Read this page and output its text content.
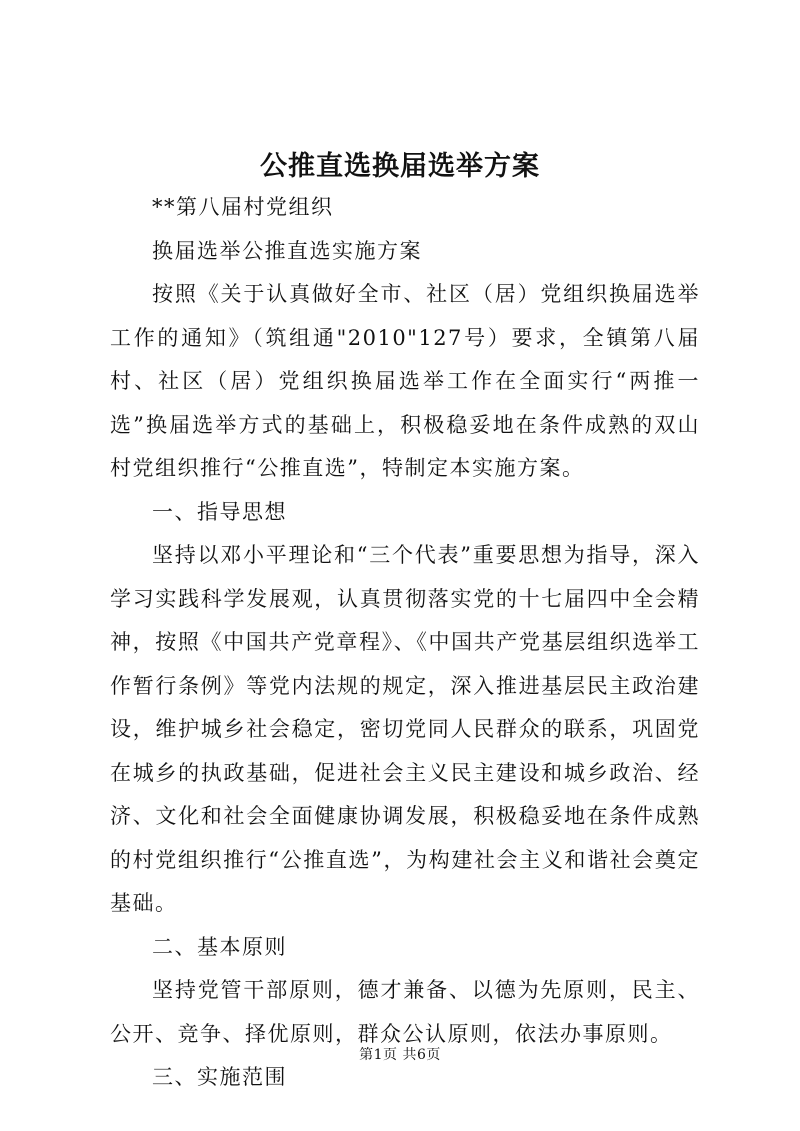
公推直选换届选举方案

**第八届村党组织

换届选举公推直选实施方案

按照《关于认真做好全市、社区（居）党组织换届选举工作的通知》（筑组通"2010"127号）要求，全镇第八届村、社区（居）党组织换届选举工作在全面实行“两推一选”换届选举方式的基础上，积极稳妥地在条件成熟的双山村党组织推行“公推直选”，特制定本实施方案。

一、指导思想

坚持以邓小平理论和“三个代表”重要思想为指导，深入学习实践科学发展观，认真贯彻落实党的十七届四中全会精神，按照《中国共产党章程》、《中国共产党基层组织选举工作暂行条例》等党内法规的规定，深入推进基层民主政治建设，维护城乡社会稳定，密切党同人民群众的联系，巩固党在城乡的执政基础，促进社会主义民主建设和城乡政治、经济、文化和社会全面健康协调发展，积极稳妥地在条件成熟的村党组织推行“公推直选”，为构建社会主义和谐社会奠定基础。

二、基本原则

坚持党管干部原则，德才兼备、以德为先原则，民主、公开、竞争、择优原则，群众公认原则，依法办事原则。

三、实施范围

第1页 共6页
